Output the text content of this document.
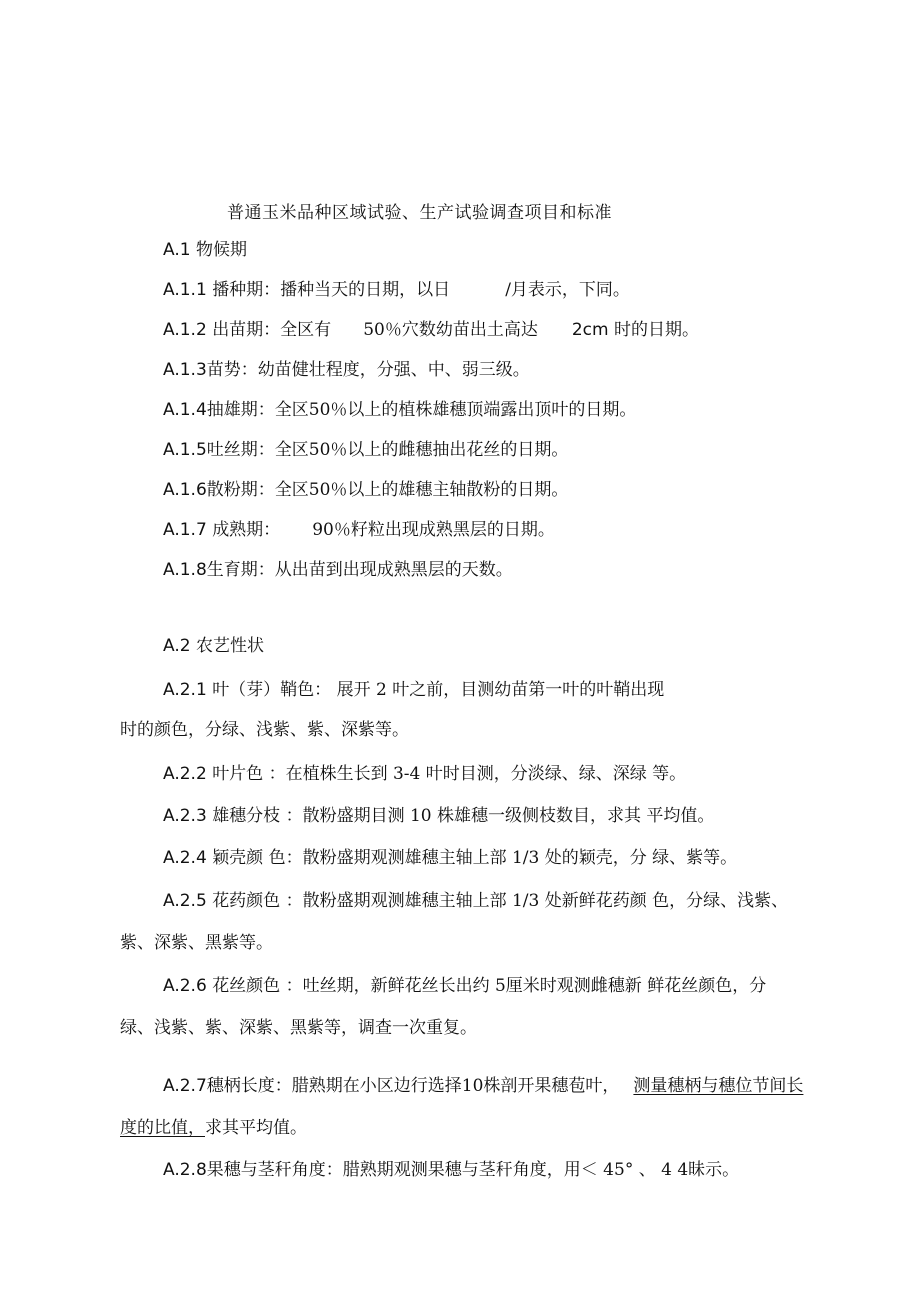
普通玉米品种区域试验、生产试验调查项目和标准
A.1 物候期
A.1.1 播种期：播种当天的日期，以日	/月表示，下同。
A.1.2 出苗期：全区有 50％穴数幼苗出土高达 2cm 时的日期。
A.1.3苗势：幼苗健壮程度，分强、中、弱三级。
A.1.4抽雄期：全区50％以上的植株雄穗顶端露出顶叶的日期。
A.1.5吐丝期：全区50％以上的雌穗抽出花丝的日期。
A.1.6散粉期：全区50％以上的雄穗主轴散粉的日期。
A.1.7 成熟期： 90％籽粒出现成熟黑层的日期。
A.1.8生育期：从出苗到出现成熟黑层的天数。
A.2 农艺性状
A.2.1 叶（芽）鞘色： 展开 2 叶之前，目测幼苗第一叶的叶鞘出现
时的颜色，分绿、浅紫、紫、深紫等。
A.2.2 叶片色 ：在植株生长到 3-4 叶时目测，分淡绿、绿、深绿 等。
A.2.3 雄穗分枝 ：散粉盛期目测 10 株雄穗一级侧枝数目，求其 平均值。
A.2.4 颖壳颜 色：散粉盛期观测雄穗主轴上部 1/3 处的颖壳，分 绿、紫等。
A.2.5 花药颜色 ：散粉盛期观测雄穗主轴上部 1/3 处新鲜花药颜 色，分绿、浅紫、
紫、深紫、黑紫等。
A.2.6 花丝颜色 ：吐丝期，新鲜花丝长出约 5厘米时观测雌穗新 鲜花丝颜色，分
绿、浅紫、紫、深紫、黑紫等，调查一次重复。
A.2.7穗柄长度：腊熟期在小区边行选择10株剖开果穗苞叶， 测量穗柄与穗位节间长
度的比值，求其平均值。
A.2.8果穗与茎秆角度：腊熟期观测果穗与茎秆角度，用＜ 45° 、 4 4昧示。
